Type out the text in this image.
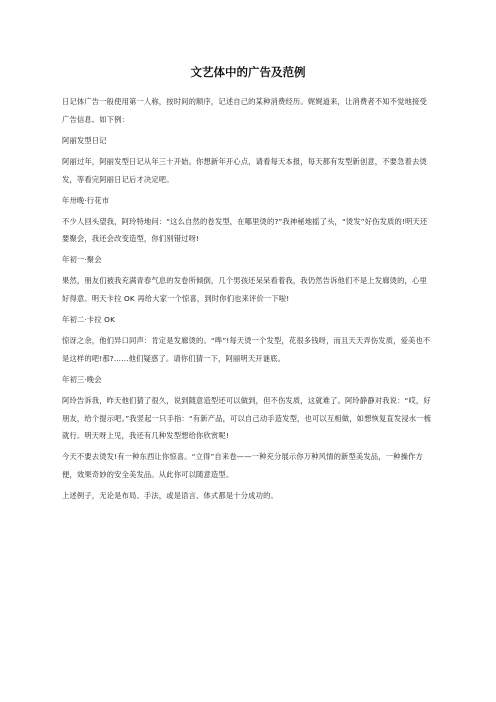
文艺体中的广告及范例

日记体广告一般使用第一人称，按时间的顺序，记述自己的某种消费经历。娓娓道来，让消费者不知不觉地接受广告信息。如下例：

阿丽发型日记

阿丽过年，阿丽发型日记从年三十开始。你想新年开心点，请看每天本报，每天都有发型新创意，不要急着去烫发，等看完阿丽日记后才决定吧。

年卅晚·行花市

不少人回头望我，阿玲特地问：“这么自然的卷发型，在哪里烫的?”我神秘地摇了头，“烫发”好伤发质的!明天还要聚会，我还会改变造型，你们别错过呀!

年初一·聚会

果然，朋友们被我充满青春气息的发卷所倾倒，几个男孩还呆呆看着我，我仍然告诉他们不是上发廊烫的，心里好得意。明天卡拉 OK 再给大家一个惊喜，到时你们也来评价一下啦!

年初二·卡拉 OK

惊讶之余，他们异口同声：肯定是发廊烫的。“哗”!每天烫一个发型，花很多钱呀，而且天天弄伤发质，爱美也不是这样的吧!那?……他们疑惑了。请你们猜一下，阿丽明天开谜底。

年初三·晚会

阿玲告诉我，昨天他们猜了很久，说到随意造型还可以做到，但不伤发质，这就难了。阿玲静静对我说：“哎，好朋友，给个提示吧。”我竖起一只手指：“有新产品，可以自己动手造发型，也可以互相做，如想恢复直发浸水一梳就行。明天呀上见，我还有几种发型想给你欣赏呢!

今天不要去烫发!有一种东西让你惊喜。“立得”自来卷——一种充分展示你万种风情的新型美发品，一种操作方便，效果奇妙的安全美发品。从此你可以随意造型。

上述例子，无论是布局、手法，或是语言、体式都是十分成功的。
